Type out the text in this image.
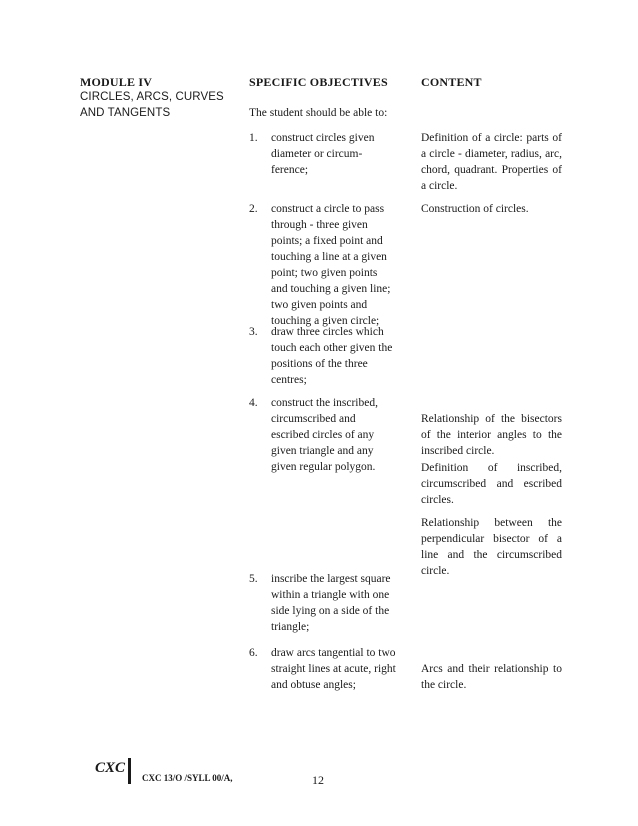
MODULE IV
CIRCLES, ARCS, CURVES
AND TANGENTS
SPECIFIC OBJECTIVES	CONTENT
The student should be able to:
1. construct circles given diameter or circum-ference;
2. construct a circle to pass through - three given points; a fixed point and touching a line at a given point; two given points and touching a given line; two given points and touching a given circle;
3. draw three circles which touch each other given the positions of the three centres;
4. construct the inscribed, circumscribed and escribed circles of any given triangle and any given regular polygon.
5. inscribe the largest square within a triangle with one side lying on a side of the triangle;
6. draw arcs tangential to two straight lines at acute, right and obtuse angles;
Definition of a circle: parts of a circle - diameter, radius, arc, chord, quadrant. Properties of a circle.
Construction of circles.
Relationship of the bisectors of the interior angles to the inscribed circle.
Definition of inscribed, circumscribed and escribed circles.
Relationship between the perpendicular bisector of a line and the circumscribed circle.
Arcs and their relationship to the circle.
CXC
CXC 13/O /SYLL 00/A,	12
